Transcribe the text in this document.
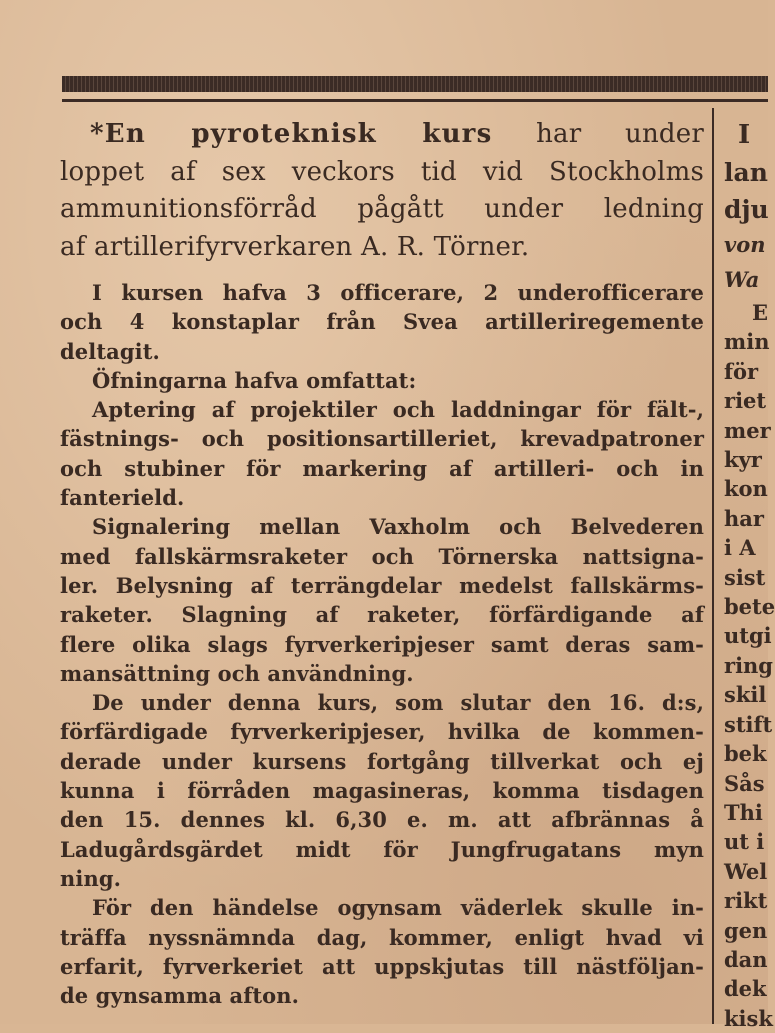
*En pyroteknisk kurs har under
loppet af sex veckors tid vid Stockholms
ammunitionsförråd pågått under ledning
af artillerifyrverkaren A. R. Törner.
I kursen hafva 3 officerare, 2 underofficerare
och 4 konstaplar från Svea artilleriregemente
deltagit.
Öfningarna hafva omfattat:
Aptering af projektiler och laddningar för fält-,
fästnings- och positionsartilleriet, krevadpatroner
och stubiner för markering af artilleri- och in
fanterield.
Signalering mellan Vaxholm och Belvederen
med fallskärmsraketer och Törnerska nattsigna-
ler. Belysning af terrängdelar medelst fallskärms-
raketer. Slagning af raketer, förfärdigande af
flere olika slags fyrverkeripjeser samt deras sam-
mansättning och användning.
De under denna kurs, som slutar den 16. d:s,
förfärdigade fyrverkeripjeser, hvilka de kommen-
derade under kursens fortgång tillverkat och ej
kunna i förråden magasineras, komma tisdagen
den 15. dennes kl. 6,30 e. m. att afbrännas å
Ladugårdsgärdet midt för Jungfrugatans myn
ning.
För den händelse ogynsam väderlek skulle in-
träffa nyssnämnda dag, kommer, enligt hvad vi
erfarit, fyrverkeriet att uppskjutas till nästföljan-
de gynsamma afton.
I
lan
dju
von
Wa
E
min
för
riet
mer
kyr
kon
har
i A
sist
bete
utgi
ring
skil
stift
bek
Sås
Thi
ut i
Wel
rikt
gen
dan
dek
kisk
